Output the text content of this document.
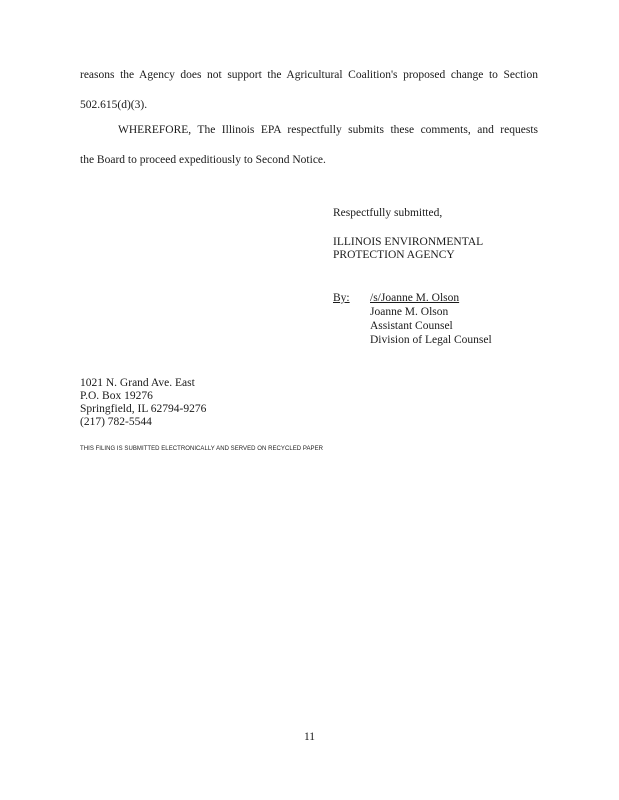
reasons the Agency does not support the Agricultural Coalition's proposed change to Section
502.615(d)(3).
WHEREFORE, The Illinois EPA respectfully submits these comments, and requests
the Board to proceed expeditiously to Second Notice.
Respectfully submitted,
ILLINOIS ENVIRONMENTAL
PROTECTION AGENCY
By: /s/Joanne M. Olson
Joanne M. Olson
Assistant Counsel
Division of Legal Counsel
1021 N. Grand Ave. East
P.O. Box 19276
Springfield, IL 62794-9276
(217) 782-5544
THIS FILING IS SUBMITTED ELECTRONICALLY AND SERVED ON RECYCLED PAPER
11
